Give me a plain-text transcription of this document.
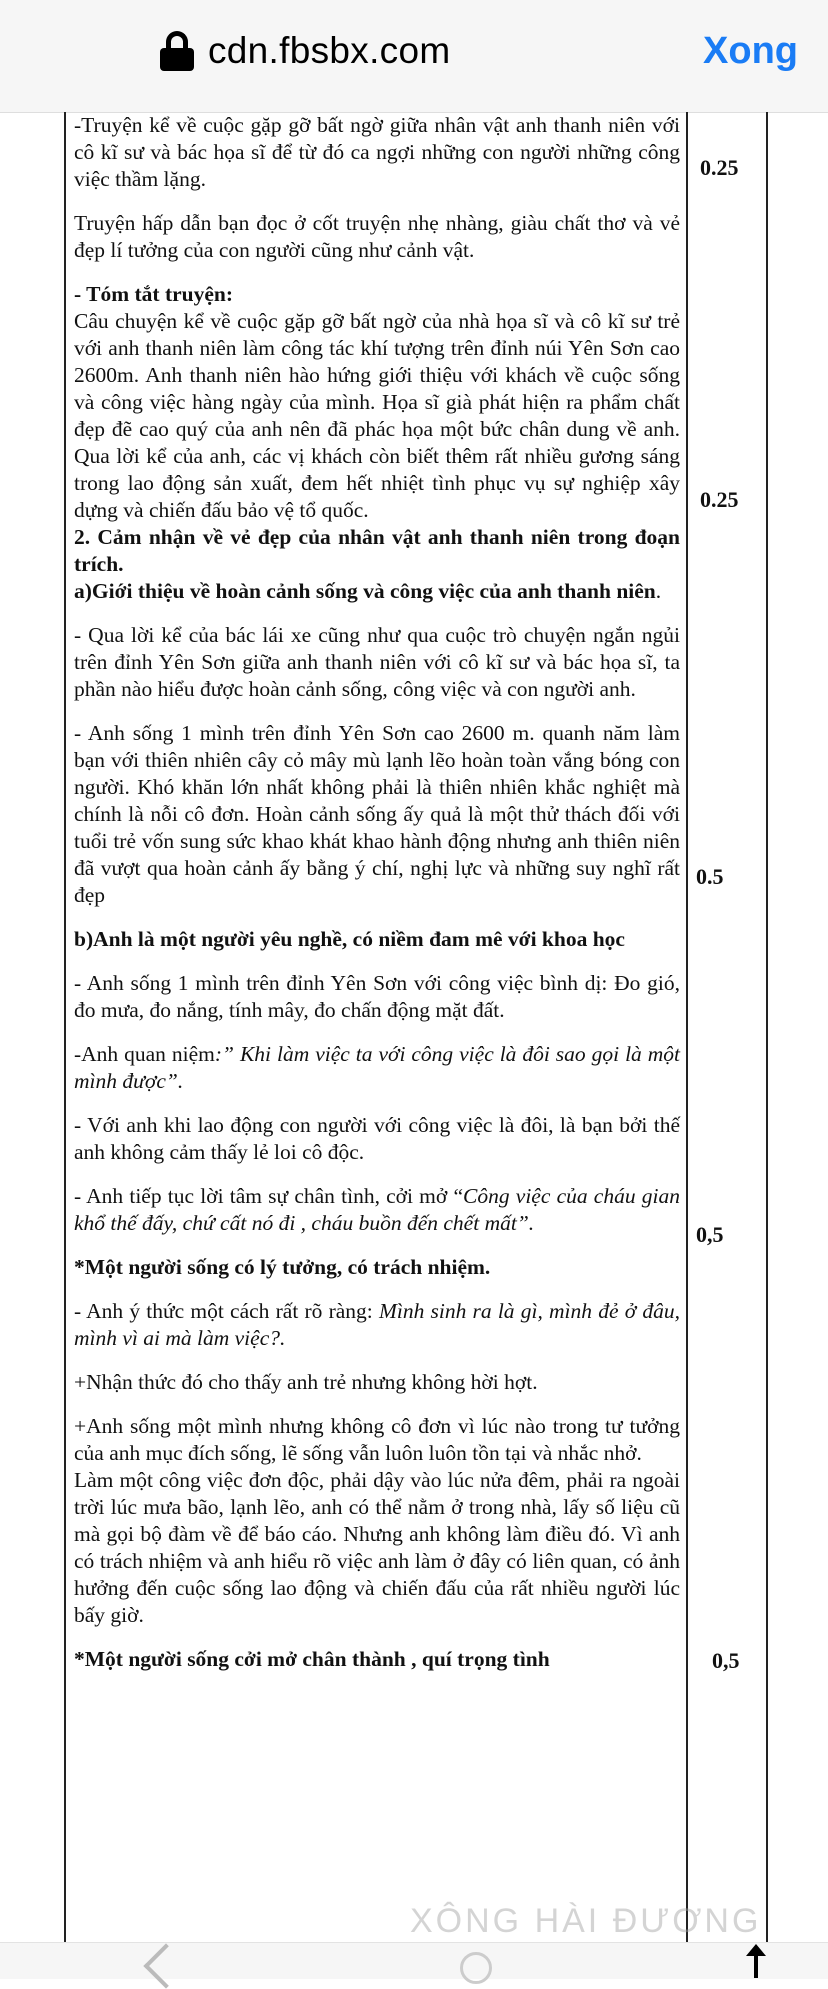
cdn.fbsbx.com	Xong

-Truyện kể về cuộc gặp gỡ bất ngờ giữa nhân vật anh thanh niên với cô kĩ sư và bác họa sĩ để từ đó ca ngợi những con người những công việc thầm lặng.

Truyện hấp dẫn bạn đọc ở cốt truyện nhẹ nhàng, giàu chất thơ và vẻ đẹp lí tưởng của con người cũng như cảnh vật.

- Tóm tắt truyện:

Câu chuyện kể về cuộc gặp gỡ bất ngờ của nhà họa sĩ và cô kĩ sư trẻ với anh thanh niên làm công tác khí tượng trên đỉnh núi Yên Sơn cao 2600m. Anh thanh niên hào hứng giới thiệu với khách về cuộc sống và công việc hàng ngày của mình. Họa sĩ già phát hiện ra phẩm chất đẹp đẽ cao quý của anh nên đã phác họa một bức chân dung về anh. Qua lời kể của anh, các vị khách còn biết thêm rất nhiều gương sáng trong lao động sản xuất, đem hết nhiệt tình phục vụ sự nghiệp xây dựng và chiến đấu bảo vệ tổ quốc.

2. Cảm nhận về vẻ đẹp của nhân vật anh thanh niên trong đoạn trích.

a)Giới thiệu về hoàn cảnh sống và công việc của anh thanh niên.

- Qua lời kể của bác lái xe cũng như qua cuộc trò chuyện ngắn ngủi trên đỉnh Yên Sơn giữa anh thanh niên với cô kĩ sư và bác họa sĩ, ta phần nào hiểu được hoàn cảnh sống, công việc và con người anh.

- Anh sống 1 mình trên đỉnh Yên Sơn cao 2600 m. quanh năm làm bạn với thiên nhiên cây cỏ mây mù lạnh lẽo hoàn toàn vắng bóng con người. Khó khăn lớn nhất không phải là thiên nhiên khắc nghiệt mà chính là nỗi cô đơn. Hoàn cảnh sống ấy quả là một thử thách đối với tuổi trẻ vốn sung sức khao khát khao hành động nhưng anh thiên niên đã vượt qua hoàn cảnh ấy bằng ý chí, nghị lực và những suy nghĩ rất đẹp

b)Anh là một người yêu nghề, có niềm đam mê với khoa học

- Anh sống 1 mình trên đỉnh Yên Sơn với công việc bình dị: Đo gió, đo mưa, đo nắng, tính mây, đo chấn động mặt đất.

-Anh quan niệm:” Khi làm việc ta với công việc là đôi sao gọi là một mình được”.

- Với anh khi lao động con người với công việc là đôi, là bạn bởi thế anh không cảm thấy lẻ loi cô độc.

- Anh tiếp tục lời tâm sự chân tình, cởi mở “Công việc của cháu gian khổ thế đấy, chứ cất nó đi , cháu buồn đến chết mất”.

*Một người sống có lý tưởng, có trách nhiệm.

- Anh ý thức một cách rất rõ ràng: Mình sinh ra là gì, mình đẻ ở đâu, mình vì ai mà làm việc?.

+Nhận thức đó cho thấy anh trẻ nhưng không hời hợt.

+Anh sống một mình nhưng không cô đơn vì lúc nào trong tư tưởng của anh mục đích sống, lẽ sống vẫn luôn luôn tồn tại và nhắc nhở.

Làm một công việc đơn độc, phải dậy vào lúc nửa đêm, phải ra ngoài trời lúc mưa bão, lạnh lẽo, anh có thể nằm ở trong nhà, lấy số liệu cũ mà gọi bộ đàm về để báo cáo. Nhưng anh không làm điều đó. Vì anh có trách nhiệm và anh hiểu rõ việc anh làm ở đây có liên quan, có ảnh hưởng đến cuộc sống lao động và chiến đấu của rất nhiều người lúc bấy giờ.

*Một người sống cởi mở chân thành , quí trọng tình

0.25
0.25
0.5
0,5
0,5
XÔNG HÀI ĐƯƠNG
